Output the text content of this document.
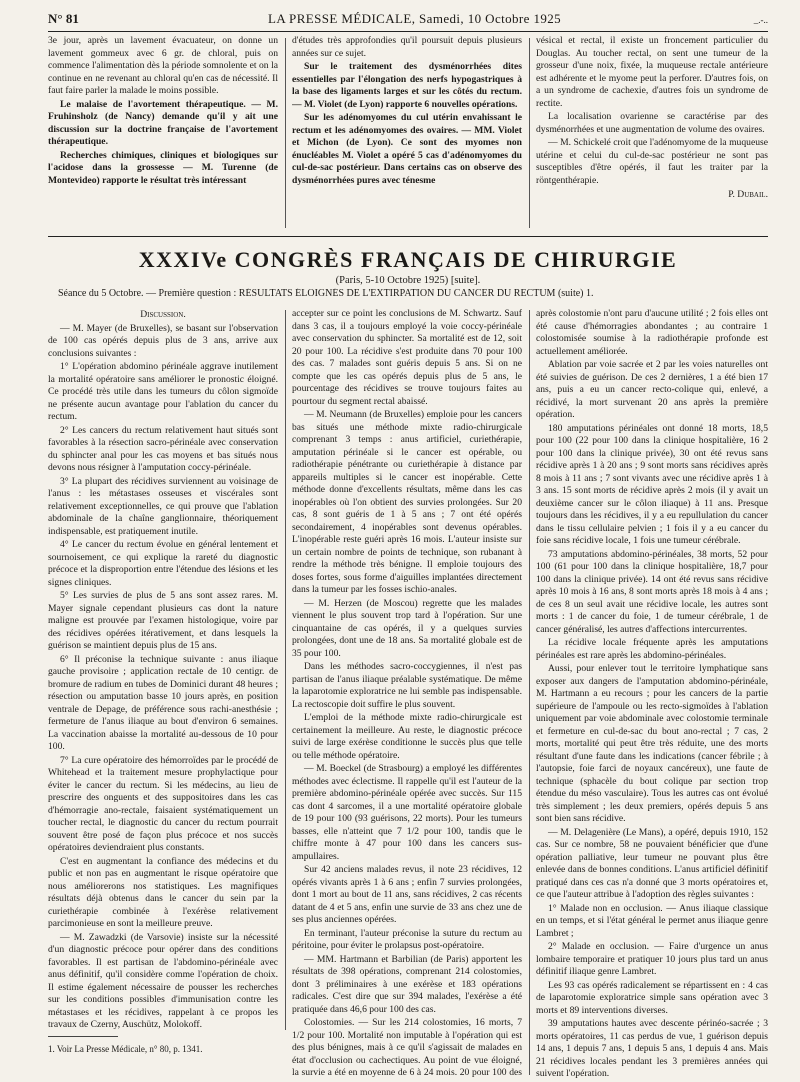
N° 81	LA PRESSE MÉDICALE, Samedi, 10 Octobre 1925	_.-..

3e jour, après un lavement évacuateur, on donne un lavement gommeux avec 6 gr. de chloral, puis on commence l'alimentation dès la période somnolente et on la continue en ne revenant au chloral qu'en cas de nécessité. Il faut faire parler la malade le moins possible.

Le malaise de l'avortement thérapeutique. — M. Fruhinsholz (de Nancy) demande qu'il y ait une discussion sur la doctrine française de l'avortement thérapeutique.

Recherches chimiques, cliniques et biologiques sur l'acidose dans la grossesse — M. Turenne (de Montevideo) rapporte le résultat très intéressant

d'études très approfondies qu'il poursuit depuis plusieurs années sur ce sujet.

Sur le traitement des dysménorrhées dites essentielles par l'élongation des nerfs hypogastriques à la base des ligaments larges et sur les côtés du rectum. — M. Violet (de Lyon) rapporte 6 nouvelles opérations.

Sur les adénomyomes du cul utérin envahissant le rectum et les adénomyomes des ovaires. — MM. Violet et Michon (de Lyon). Ce sont des myomes non énucléables M. Violet a opéré 5 cas d'adénomyomes du cul-de-sac postérieur. Dans certains cas on observe des dysménorrhées pures avec ténesme

vésical et rectal, il existe un froncement particulier du Douglas. Au toucher rectal, on sent une tumeur de la grosseur d'une noix, fixée, la muqueuse rectale antérieure est adhérente et le myome peut la perforer. D'autres fois, on a un syndrome de cachexie, d'autres fois un syndrome de rectite.

La localisation ovarienne se caractérise par des dysménorrhées et une augmentation de volume des ovaires.

— M. Schickelé croit que l'adénomyome de la muqueuse utérine et celui du cul-de-sac postérieur ne sont pas susceptibles d'être opérés, il faut les traiter par la röntgenthérapie.

P. Dubail.

XXXIVe CONGRÈS FRANÇAIS DE CHIRURGIE
(Paris, 5-10 Octobre 1925) [suite].
Séance du 5 Octobre. — Première question : RÉSULTATS ÉLOIGNÉS DE L'EXTIRPATION DU CANCER DU RECTUM (suite) 1.

Discussion.

— M. Mayer (de Bruxelles), se basant sur l'observation de 100 cas opérés depuis plus de 3 ans, arrive aux conclusions suivantes :

1° L'opération abdomino périnéale aggrave inutilement la mortalité opératoire sans améliorer le pronostic éloigné. Ce procédé très utile dans les tumeurs du côlon sigmoïde ne présente aucun avantage pour l'ablation du cancer du rectum.

2° Les cancers du rectum relativement haut situés sont favorables à la résection sacro-périnéale avec conservation du sphincter anal pour les cas moyens et bas situés nous devons nous résigner à l'amputation coccy-périnéale.

3° La plupart des récidives surviennent au voisinage de l'anus : les métastases osseuses et viscérales sont relativement exceptionnelles, ce qui prouve que l'ablation abdominale de la chaîne ganglionnaire, théoriquement indispensable, est pratiquement inutile.

4° Le cancer du rectum évolue en général lentement et sournoisement, ce qui explique la rareté du diagnostic précoce et la disproportion entre l'étendue des lésions et les signes cliniques.

5° Les survies de plus de 5 ans sont assez rares. M. Mayer signale cependant plusieurs cas dont la nature maligne est prouvée par l'examen histologique, voire par des récidives opérées itérativement, et dans lesquels la guérison se maintient depuis plus de 15 ans.

6° Il préconise la technique suivante : anus iliaque gauche provisoire ; application rectale de 10 centigr. de bromure de radium en tubes de Dominici durant 48 heures ; résection ou amputation basse 10 jours après, en position ventrale de Depage, de préférence sous rachi-anesthésie ; fermeture de l'anus iliaque au bout d'environ 6 semaines. La vaccination abaisse la mortalité au-dessous de 10 pour 100.

7° La cure opératoire des hémorroïdes par le procédé de Whitehead et la traitement mesure prophylactique pour éviter le cancer du rectum. Si les médecins, au lieu de prescrire des onguents et des suppositoires dans les cas d'hémorragie ano-rectale, faisaient systématiquement un toucher rectal, le diagnostic du cancer du rectum pourrait souvent être posé de façon plus précoce et nos succès opératoires deviendraient plus constants.

C'est en augmentant la confiance des médecins et du public et non pas en augmentant le risque opératoire que nous améliorerons nos statistiques. Les magnifiques résultats déjà obtenus dans le cancer du sein par la curiethérapie combinée à l'exérèse relativement parcimonieuse en sont la meilleure preuve.

— M. Zawadzki (de Varsovie) insiste sur la nécessité d'un diagnostic précoce pour opérer dans des conditions favorables. Il est partisan de l'abdomino-périnéale avec anus définitif, qu'il considère comme l'opération de choix. Il estime également nécessaire de pousser les recherches sur les conditions possibles d'immunisation contre les métastases et les récidives, rappelant à ce propos les travaux de Czerny, Auschütz, Molokoff.

accepter sur ce point les conclusions de M. Schwartz. Sauf dans 3 cas, il a toujours employé la voie coccy-périnéale avec conservation du sphincter. Sa mortalité est de 12, soit 20 pour 100. La récidive s'est produite dans 70 pour 100 des cas. 7 malades sont guéris depuis 5 ans. Si on ne compte que les cas opérés depuis plus de 5 ans, le pourcentage des récidives se trouve toujours faites au pourtour du segment rectal abaissé.

— M. Neumann (de Bruxelles) emploie pour les cancers bas situés une méthode mixte radio-chirurgicale comprenant 3 temps : anus artificiel, curiethérapie, amputation périnéale si le cancer est opérable, ou radiothérapie pénétrante ou curiethérapie à distance par appareils multiples si le cancer est inopérable. Cette méthode donne d'excellents résultats, même dans les cas inopérables où l'on obtient des survies prolongées. Sur 20 cas, 8 sont guéris de 1 à 5 ans ; 7 ont été opérés secondairement, 4 inopérables sont devenus opérables. L'inopérable reste guéri après 16 mois. L'auteur insiste sur un certain nombre de points de technique, son rubanant à rendre la méthode très bénigne. Il emploie toujours des doses fortes, sous forme d'aiguilles implantées directement dans la tumeur par les fosses ischio-anales.

— M. Herzen (de Moscou) regrette que les malades viennent le plus souvent trop tard à l'opération. Sur une cinquantaine de cas opérés, il y a quelques survies prolongées, dont une de 18 ans. Sa mortalité globale est de 35 pour 100.

Dans les méthodes sacro-coccygiennes, il n'est pas partisan de l'anus iliaque préalable systématique. De même la laparotomie exploratrice ne lui semble pas indispensable. La rectoscopie doit suffire le plus souvent.

L'emploi de la méthode mixte radio-chirurgicale est certainement la meilleure. Au reste, le diagnostic précoce suivi de large exérèse conditionne le succès plus que telle ou telle méthode opératoire.

— M. Boeckel (de Strasbourg) a employé les différentes méthodes avec éclectisme. Il rappelle qu'il est l'auteur de la première abdomino-périnéale opérée avec succès. Sur 115 cas dont 4 sarcomes, il a une mortalité opératoire globale de 19 pour 100 (93 guérisons, 22 morts). Pour les tumeurs basses, elle n'atteint que 7 1/2 pour 100, tandis que le chiffre monte à 47 pour 100 dans les cancers sus-ampullaires.

Sur 42 anciens malades revus, il note 23 récidives, 12 opérés vivants après 1 à 6 ans ; enfin 7 survies prolongées, dont 1 mort au bout de 11 ans, sans récidives, 2 cas récents datant de 4 et 5 ans, enfin une survie de 33 ans chez une de ses plus anciennes opérées.

En terminant, l'auteur préconise la suture du rectum au péritoine, pour éviter le prolapsus post-opératoire.

— MM. Hartmann et Barbilian (de Paris) apportent les résultats de 398 opérations, comprenant 214 colostomies, dont 3 préliminaires à une exérèse et 183 opérations radicales. C'est dire que sur 394 malades, l'exérèse a été pratiquée dans 46,6 pour 100 des cas.

Colostomies. — Sur les 214 colostomies, 16 morts, 7 1/2 pour 100. Mortalité non imputable à l'opération qui est des plus bénignes, mais à ce qu'il s'agissait de malades en état d'occlusion ou cachectiques. Au point de vue éloigné, la survie a été en moyenne de 6 à 24 mois. 20 pour 100 des

après colostomie n'ont paru d'aucune utilité ; 2 fois elles ont été cause d'hémorragies abondantes ; au contraire 1 colostomisée soumise à la radiothérapie profonde est actuellement améliorée.

Ablation par voie sacrée et 2 par les voies naturelles ont été suivies de guérison. De ces 2 dernières, 1 a été bien 17 ans, puis a eu un cancer recto-colique qui, enlevé, a récidivé, la mort survenant 20 ans après la première opération.

180 amputations périnéales ont donné 18 morts, 18,5 pour 100 (22 pour 100 dans la clinique hospitalière, 16 2 pour 100 dans la clinique privée), 30 ont été revus sans récidive après 1 à 20 ans ; 9 sont morts sans récidives après 8 mois à 11 ans ; 7 sont vivants avec une récidive après 1 à 3 ans. 15 sont morts de récidive après 2 mois (il y avait un deuxième cancer sur le côlon iliaque) à 11 ans. Presque toujours dans les récidives, il y a eu repullulation du cancer dans le tissu cellulaire pelvien ; 1 fois il y a eu cancer du foie sans récidive locale, 1 fois une tumeur cérébrale.

73 amputations abdomino-périnéales, 38 morts, 52 pour 100 (61 pour 100 dans la clinique hospitalière, 18,7 pour 100 dans la clinique privée). 14 ont été revus sans récidive après 10 mois à 16 ans, 8 sont morts après 18 mois à 4 ans ; de ces 8 un seul avait une récidive locale, les autres sont morts : 1 de cancer du foie, 1 de tumeur cérébrale, 1 de cancer généralisé, les autres d'affections intercurrentes.

La récidive locale fréquente après les amputations périnéales est rare après les abdomino-périnéales.

Aussi, pour enlever tout le territoire lymphatique sans exposer aux dangers de l'amputation abdomino-périnéale, M. Hartmann a eu recours ; pour les cancers de la partie supérieure de l'ampoule ou les recto-sigmoïdes à l'ablation uniquement par voie abdominale avec colostomie terminale et fermeture en cul-de-sac du bout ano-rectal ; 7 cas, 2 morts, mortalité qui peut être très réduite, une des morts résultant d'une faute dans les indications (cancer fébrile ; à l'autopsie, foie farci de noyaux cancéreux), une faute de technique (sphacèle du bout colique par section trop étendue du méso vasculaire). Tous les autres cas ont évolué très simplement ; les deux premiers, opérés depuis 5 ans sont bien sans récidive.

— M. Delagenière (Le Mans), a opéré, depuis 1910, 152 cas. Sur ce nombre, 58 ne pouvaient bénéficier que d'une opération palliative, leur tumeur ne pouvant plus être enlevée dans de bonnes conditions. L'anus artificiel définitif pratiqué dans ces cas n'a donné que 3 morts opératoires et, ce que l'auteur attribue à l'adoption des règles suivantes :

1° Malade non en occlusion. — Anus iliaque classique en un temps, et si l'état général le permet anus iliaque genre Lambret ;

2° Malade en occlusion. — Faire d'urgence un anus lombaire temporaire et pratiquer 10 jours plus tard un anus définitif iliaque genre Lambret.

Les 93 cas opérés radicalement se répartissent en : 4 cas de laparotomie exploratrice simple sans opération avec 3 morts et 89 interventions diverses.

39 amputations hautes avec descente périnéo-sacrée ; 3 morts opératoires, 11 cas perdus de vue, 1 guérison depuis 14 ans, 1 depuis 7 ans, 1 depuis 5 ans, 1 depuis 4 ans. Mais 21 récidives locales pendant les 3 premières années qui suivent l'opération.

1. Voir La Presse Médicale, n° 80, p. 1341.
